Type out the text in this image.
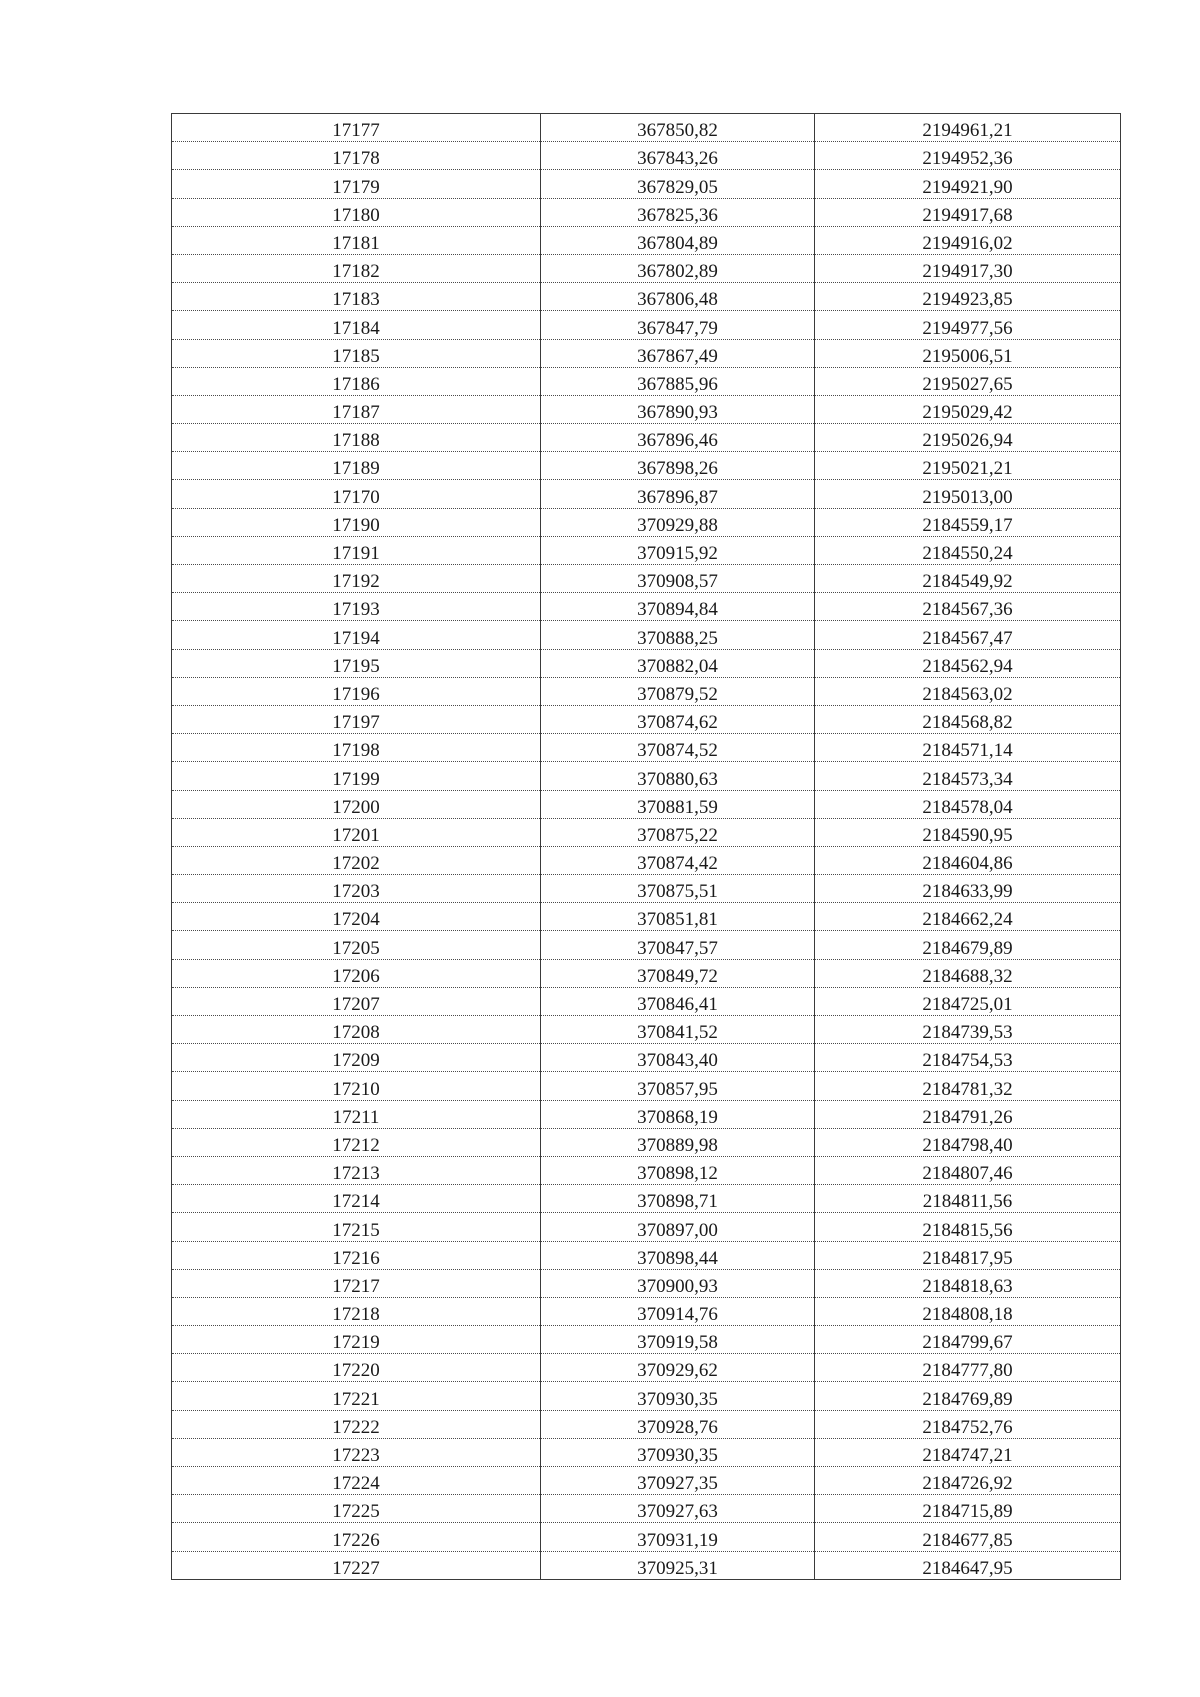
17177	367850,82	2194961,21
17178	367843,26	2194952,36
17179	367829,05	2194921,90
17180	367825,36	2194917,68
17181	367804,89	2194916,02
17182	367802,89	2194917,30
17183	367806,48	2194923,85
17184	367847,79	2194977,56
17185	367867,49	2195006,51
17186	367885,96	2195027,65
17187	367890,93	2195029,42
17188	367896,46	2195026,94
17189	367898,26	2195021,21
17170	367896,87	2195013,00
17190	370929,88	2184559,17
17191	370915,92	2184550,24
17192	370908,57	2184549,92
17193	370894,84	2184567,36
17194	370888,25	2184567,47
17195	370882,04	2184562,94
17196	370879,52	2184563,02
17197	370874,62	2184568,82
17198	370874,52	2184571,14
17199	370880,63	2184573,34
17200	370881,59	2184578,04
17201	370875,22	2184590,95
17202	370874,42	2184604,86
17203	370875,51	2184633,99
17204	370851,81	2184662,24
17205	370847,57	2184679,89
17206	370849,72	2184688,32
17207	370846,41	2184725,01
17208	370841,52	2184739,53
17209	370843,40	2184754,53
17210	370857,95	2184781,32
17211	370868,19	2184791,26
17212	370889,98	2184798,40
17213	370898,12	2184807,46
17214	370898,71	2184811,56
17215	370897,00	2184815,56
17216	370898,44	2184817,95
17217	370900,93	2184818,63
17218	370914,76	2184808,18
17219	370919,58	2184799,67
17220	370929,62	2184777,80
17221	370930,35	2184769,89
17222	370928,76	2184752,76
17223	370930,35	2184747,21
17224	370927,35	2184726,92
17225	370927,63	2184715,89
17226	370931,19	2184677,85
17227	370925,31	2184647,95
